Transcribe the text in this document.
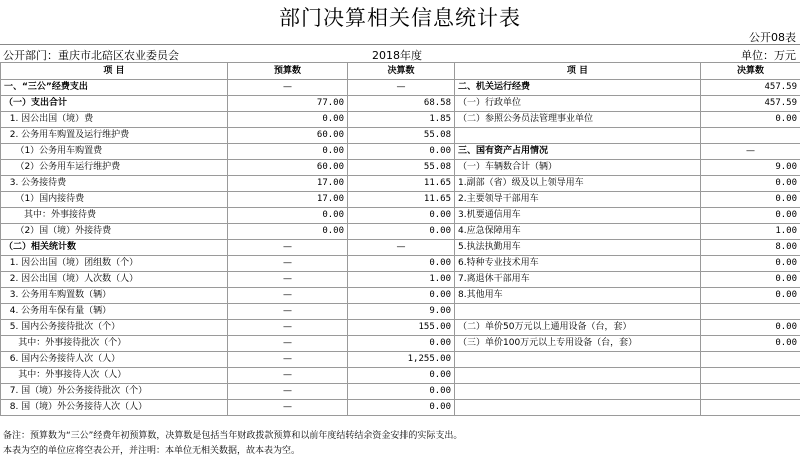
部门决算相关信息统计表
公开08表
公开部门：重庆市北碚区农业委员会	2018年度	单位：万元
项 目	预算数	决算数	项 目	决算数
一、“三公”经费支出	—	—	二、机关运行经费	457.59
（一）支出合计	77.00	68.58	（一）行政单位	457.59
1. 因公出国（境）费	0.00	1.85	（二）参照公务员法管理事业单位	0.00
2. 公务用车购置及运行维护费	60.00	55.08		
（1）公务用车购置费	0.00	0.00	三、国有资产占用情况	—
（2）公务用车运行维护费	60.00	55.08	（一）车辆数合计（辆）	9.00
3. 公务接待费	17.00	11.65	1.副部（省）级及以上领导用车	0.00
（1）国内接待费	17.00	11.65	2.主要领导干部用车	0.00
其中：外事接待费	0.00	0.00	3.机要通信用车	0.00
（2）国（境）外接待费	0.00	0.00	4.应急保障用车	1.00
（二）相关统计数	—	—	5.执法执勤用车	8.00
1. 因公出国（境）团组数（个）	—	0.00	6.特种专业技术用车	0.00
2. 因公出国（境）人次数（人）	—	1.00	7.离退休干部用车	0.00
3. 公务用车购置数（辆）	—	0.00	8.其他用车	0.00
4. 公务用车保有量（辆）	—	9.00		
5. 国内公务接待批次（个）	—	155.00	（二）单价50万元以上通用设备（台，套）	0.00
其中：外事接待批次（个）	—	0.00	（三）单价100万元以上专用设备（台，套）	0.00
6. 国内公务接待人次（人）	—	1,255.00		
其中：外事接待人次（人）	—	0.00		
7. 国（境）外公务接待批次（个）	—	0.00		
8. 国（境）外公务接待人次（人）	—	0.00		
备注：预算数为“三公”经费年初预算数，决算数是包括当年财政拨款预算和以前年度结转结余资金安排的实际支出。
本表为空的单位应将空表公开，并注明：本单位无相关数据，故本表为空。
